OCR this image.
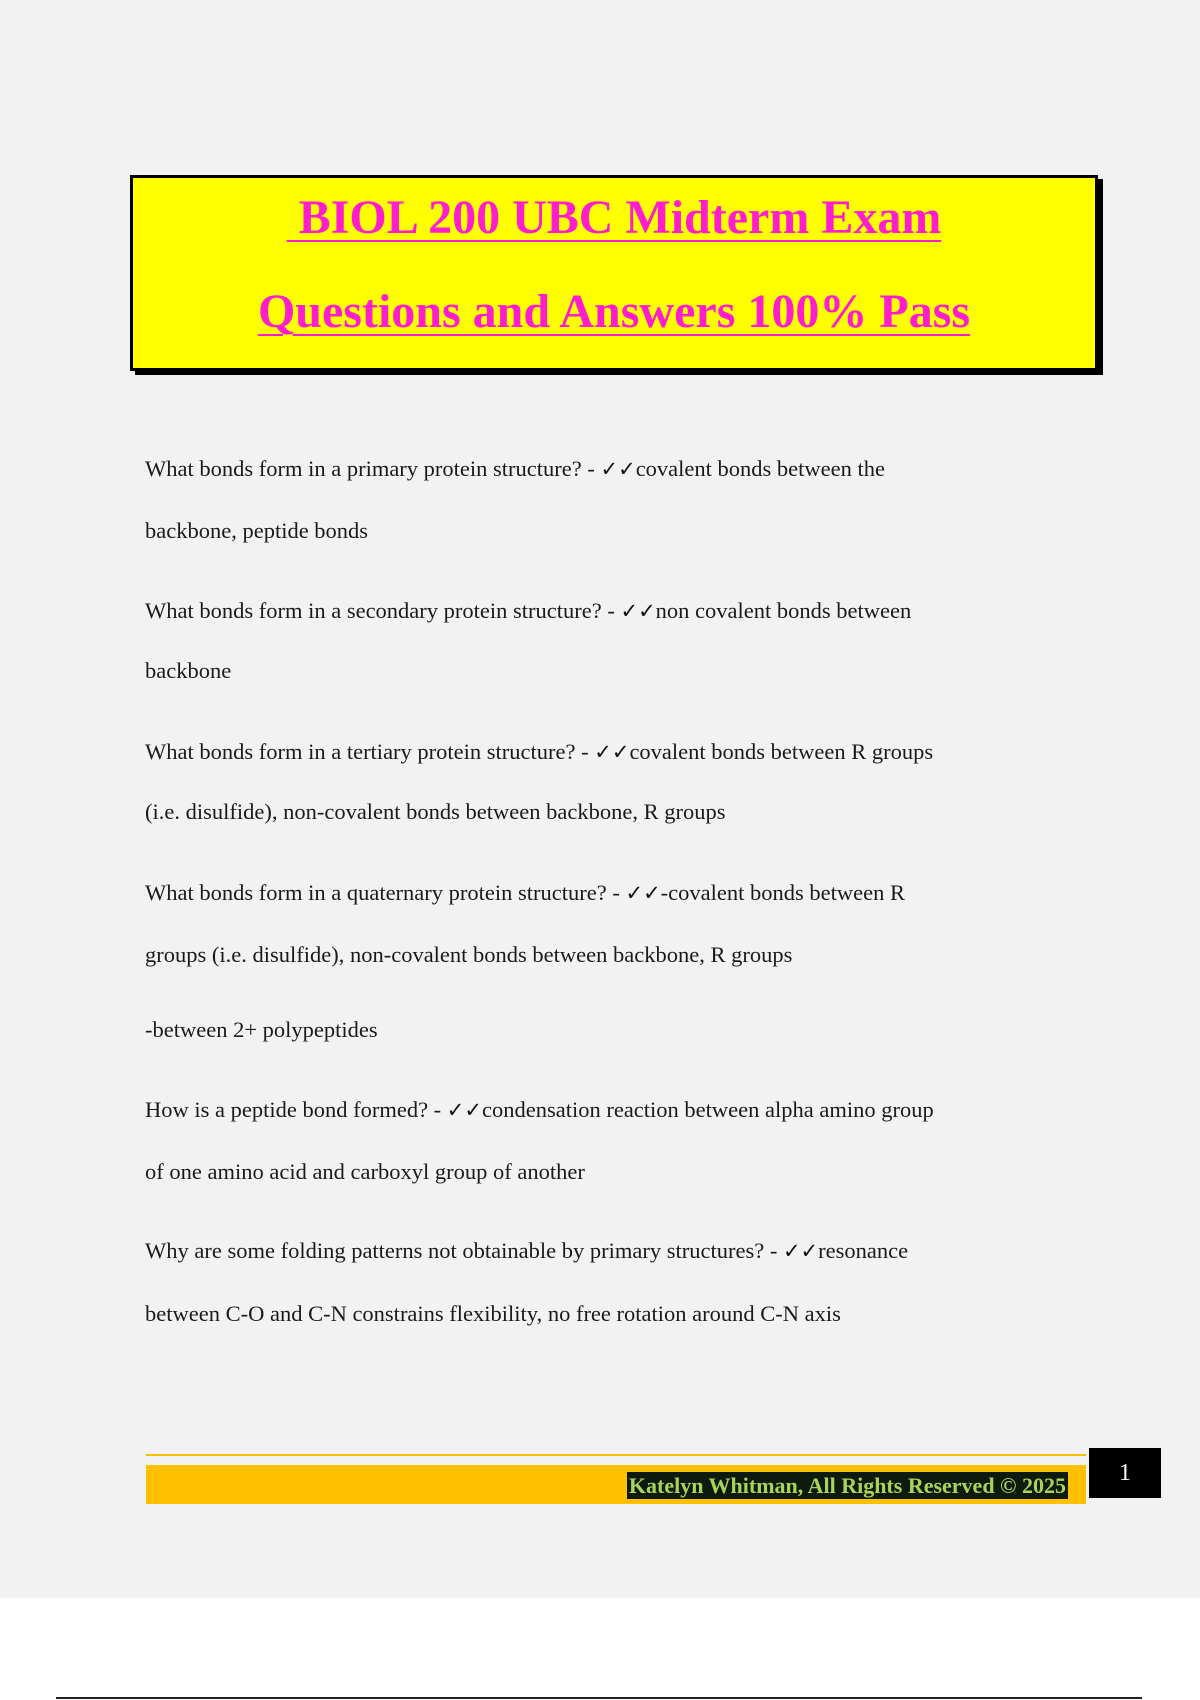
BIOL 200 UBC Midterm Exam
Questions and Answers 100% Pass
What bonds form in a primary protein structure? - ✓✓covalent bonds between the
backbone, peptide bonds
What bonds form in a secondary protein structure? - ✓✓non covalent bonds between
backbone
What bonds form in a tertiary protein structure? - ✓✓covalent bonds between R groups
(i.e. disulfide), non-covalent bonds between backbone, R groups
What bonds form in a quaternary protein structure? - ✓✓-covalent bonds between R
groups (i.e. disulfide), non-covalent bonds between backbone, R groups
-between 2+ polypeptides
How is a peptide bond formed? - ✓✓condensation reaction between alpha amino group
of one amino acid and carboxyl group of another
Why are some folding patterns not obtainable by primary structures? - ✓✓resonance
between C-O and C-N constrains flexibility, no free rotation around C-N axis
Katelyn Whitman, All Rights Reserved © 2025	1
